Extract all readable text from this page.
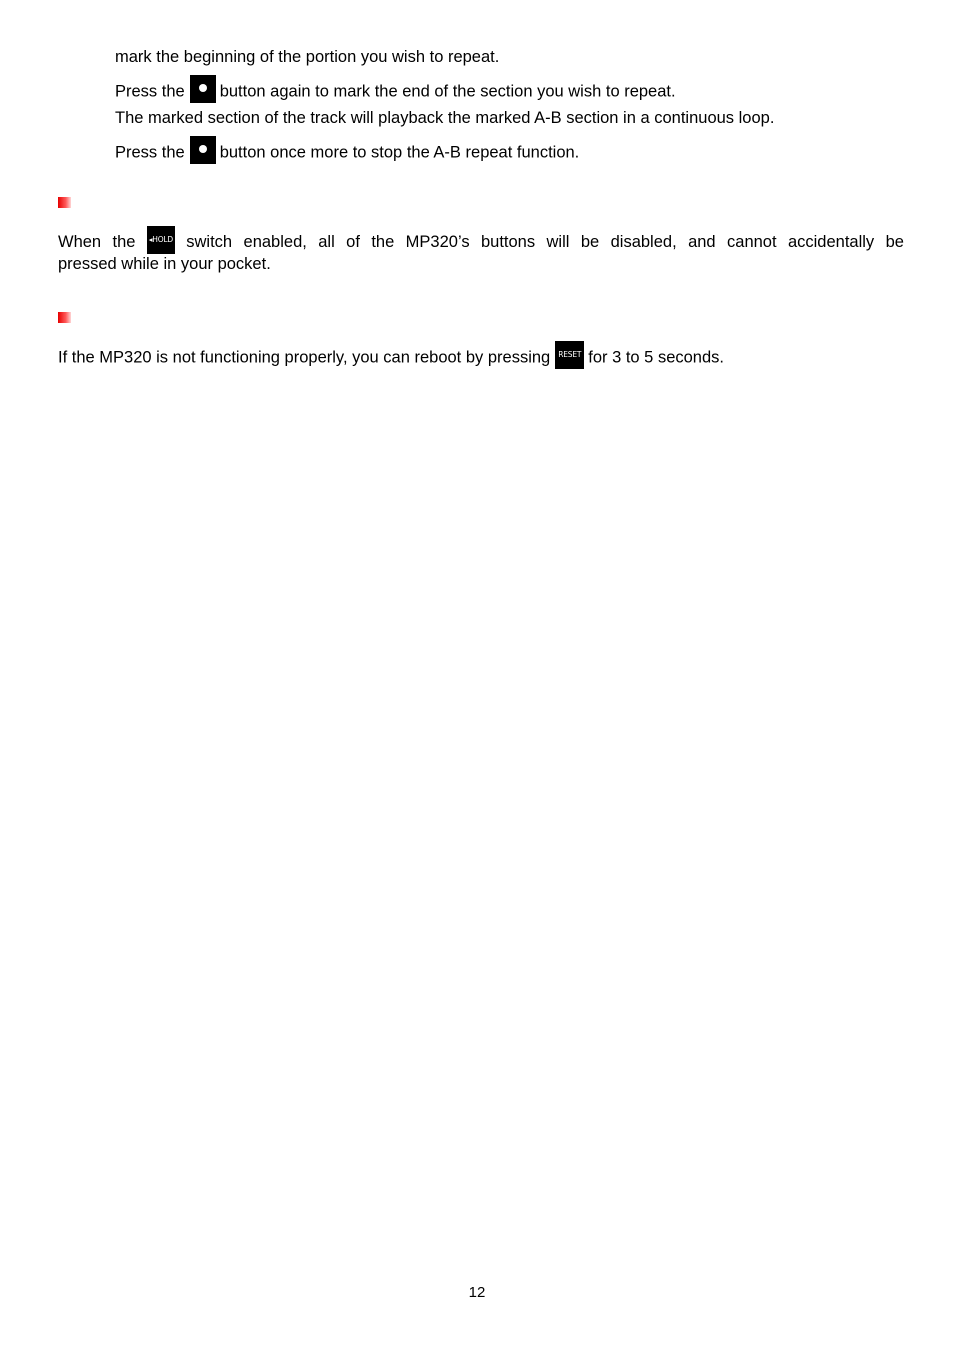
mark the beginning of the portion you wish to repeat.
Press the button again to mark the end of the section you wish to repeat.
The marked section of the track will playback the marked A-B section in a continuous loop.
Press the button once more to stop the A-B repeat function.
When the ◂HOLD switch enabled, all of the MP320’s buttons will be disabled, and cannot accidentally be
pressed while in your pocket.
If the MP320 is not functioning properly, you can reboot by pressing RESET for 3 to 5 seconds.
12
